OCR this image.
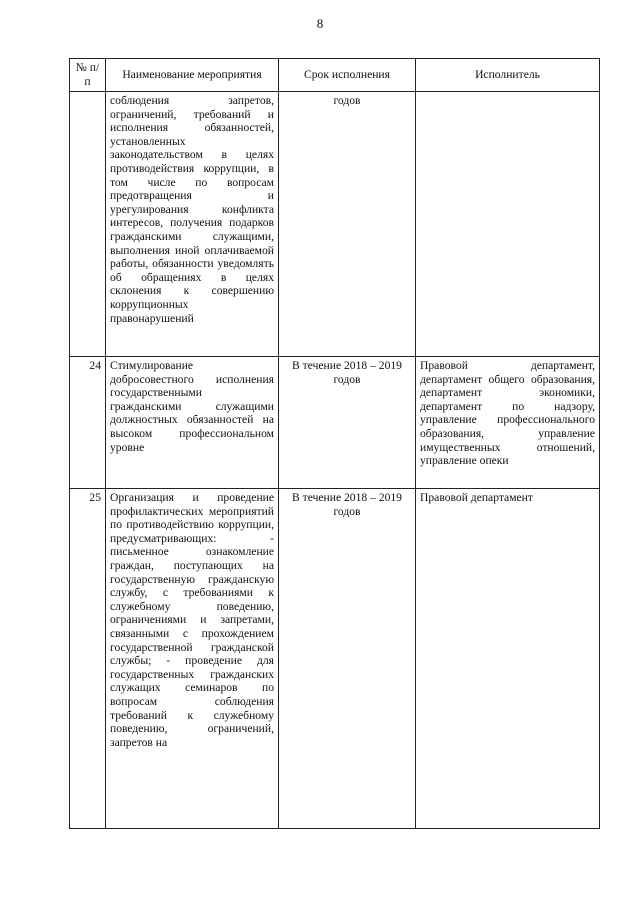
8
№ п/п	Наименование мероприятия	Срок исполнения	Исполнитель
	соблюдения запретов, ограничений, требований и исполнения обязанностей, установленных законодательством в целях противодействия коррупции, в том числе по вопросам предотвращения и урегулирования конфликта интересов, получения подарков гражданскими служащими, выполнения иной оплачиваемой работы, обязанности уведомлять об обращениях в целях склонения к совершению коррупционных правонарушений	годов	
24	Стимулирование добросовестного исполнения государственными гражданскими служащими должностных обязанностей на высоком профессиональном уровне	В течение 2018 – 2019 годов	Правовой департамент, департамент общего образования, департамент экономики, департамент по надзору, управление профессионального образования, управление имущественных отношений, управление опеки
25	Организация и проведение профилактических мероприятий по противодействию коррупции, предусматривающих: - письменное ознакомление граждан, поступающих на государственную гражданскую службу, с требованиями к служебному поведению, ограничениями и запретами, связанными с прохождением государственной гражданской службы; - проведение для государственных гражданских служащих семинаров по вопросам соблюдения требований к служебному поведению, ограничений, запретов на	В течение 2018 – 2019 годов	Правовой департамент
